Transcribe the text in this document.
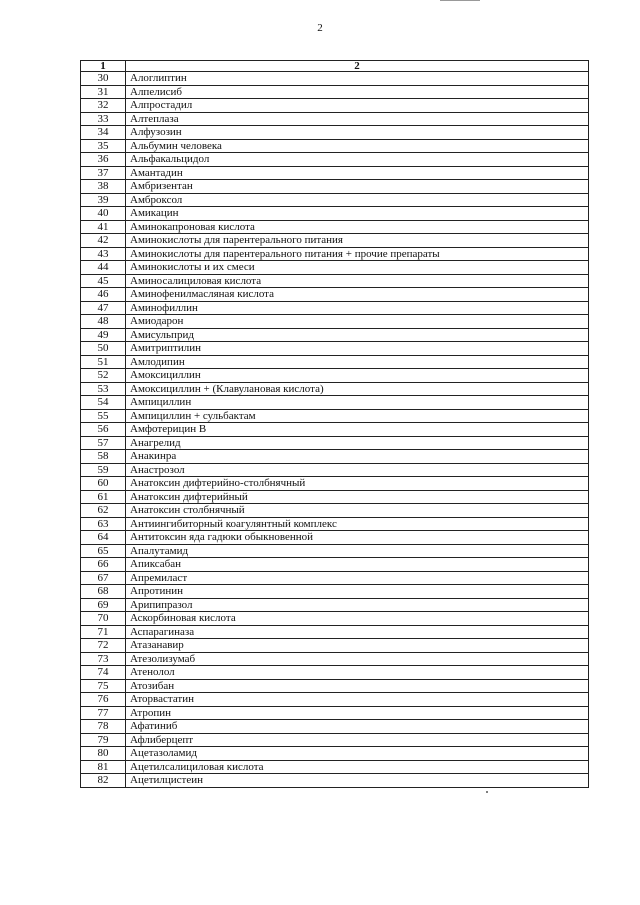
2
1	2
30	Алоглиптин
31	Алпелисиб
32	Алпростадил
33	Алтеплаза
34	Алфузозин
35	Альбумин человека
36	Альфакальцидол
37	Амантадин
38	Амбризентан
39	Амброксол
40	Амикацин
41	Аминокапроновая кислота
42	Аминокислоты для парентерального питания
43	Аминокислоты для парентерального питания + прочие препараты
44	Аминокислоты и их смеси
45	Аминосалициловая кислота
46	Аминофенилмасляная кислота
47	Аминофиллин
48	Амиодарон
49	Амисульприд
50	Амитриптилин
51	Амлодипин
52	Амоксициллин
53	Амоксициллин + (Клавулановая кислота)
54	Ампициллин
55	Ампициллин + сульбактам
56	Амфотерицин В
57	Анагрелид
58	Анакинра
59	Анастрозол
60	Анатоксин дифтерийно-столбнячный
61	Анатоксин дифтерийный
62	Анатоксин столбнячный
63	Антиингибиторный коагулянтный комплекс
64	Антитоксин яда гадюки обыкновенной
65	Апалутамид
66	Апиксабан
67	Апремиласт
68	Апротинин
69	Арипипразол
70	Аскорбиновая кислота
71	Аспарагиназа
72	Атазанавир
73	Атезолизумаб
74	Атенолол
75	Атозибан
76	Аторвастатин
77	Атропин
78	Афатиниб
79	Афлиберцепт
80	Ацетазоламид
81	Ацетилсалициловая кислота
82	Ацетилцистеин
